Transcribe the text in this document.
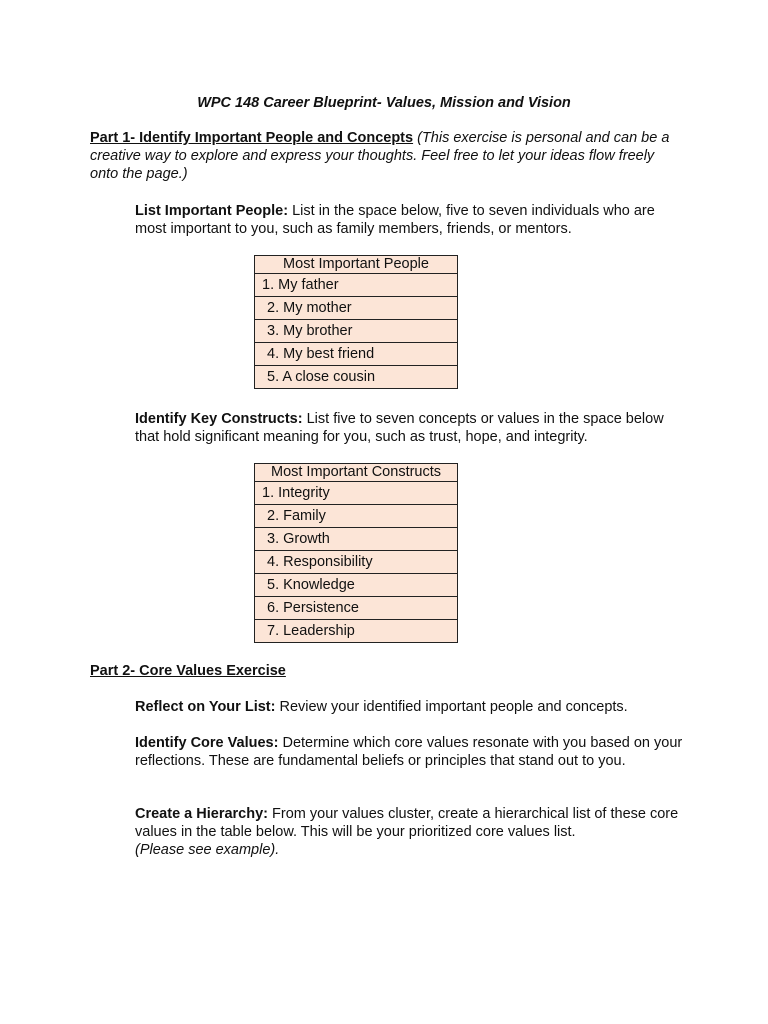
WPC 148 Career Blueprint- Values, Mission and Vision
Part 1- Identify Important People and Concepts (This exercise is personal and can be a creative way to explore and express your thoughts. Feel free to let your ideas flow freely onto the page.)
List Important People: List in the space below, five to seven individuals who are most important to you, such as family members, friends, or mentors.
Most Important People
1. My father
2. My mother
3. My brother
4. My best friend
5. A close cousin
Identify Key Constructs: List five to seven concepts or values in the space below that hold significant meaning for you, such as trust, hope, and integrity.
Most Important Constructs
1. Integrity
2. Family
3. Growth
4. Responsibility
5. Knowledge
6. Persistence
7. Leadership
Part 2- Core Values Exercise
Reflect on Your List: Review your identified important people and concepts.
Identify Core Values: Determine which core values resonate with you based on your reflections. These are fundamental beliefs or principles that stand out to you.
Create a Hierarchy: From your values cluster, create a hierarchical list of these core values in the table below. This will be your prioritized core values list.
(Please see example).
